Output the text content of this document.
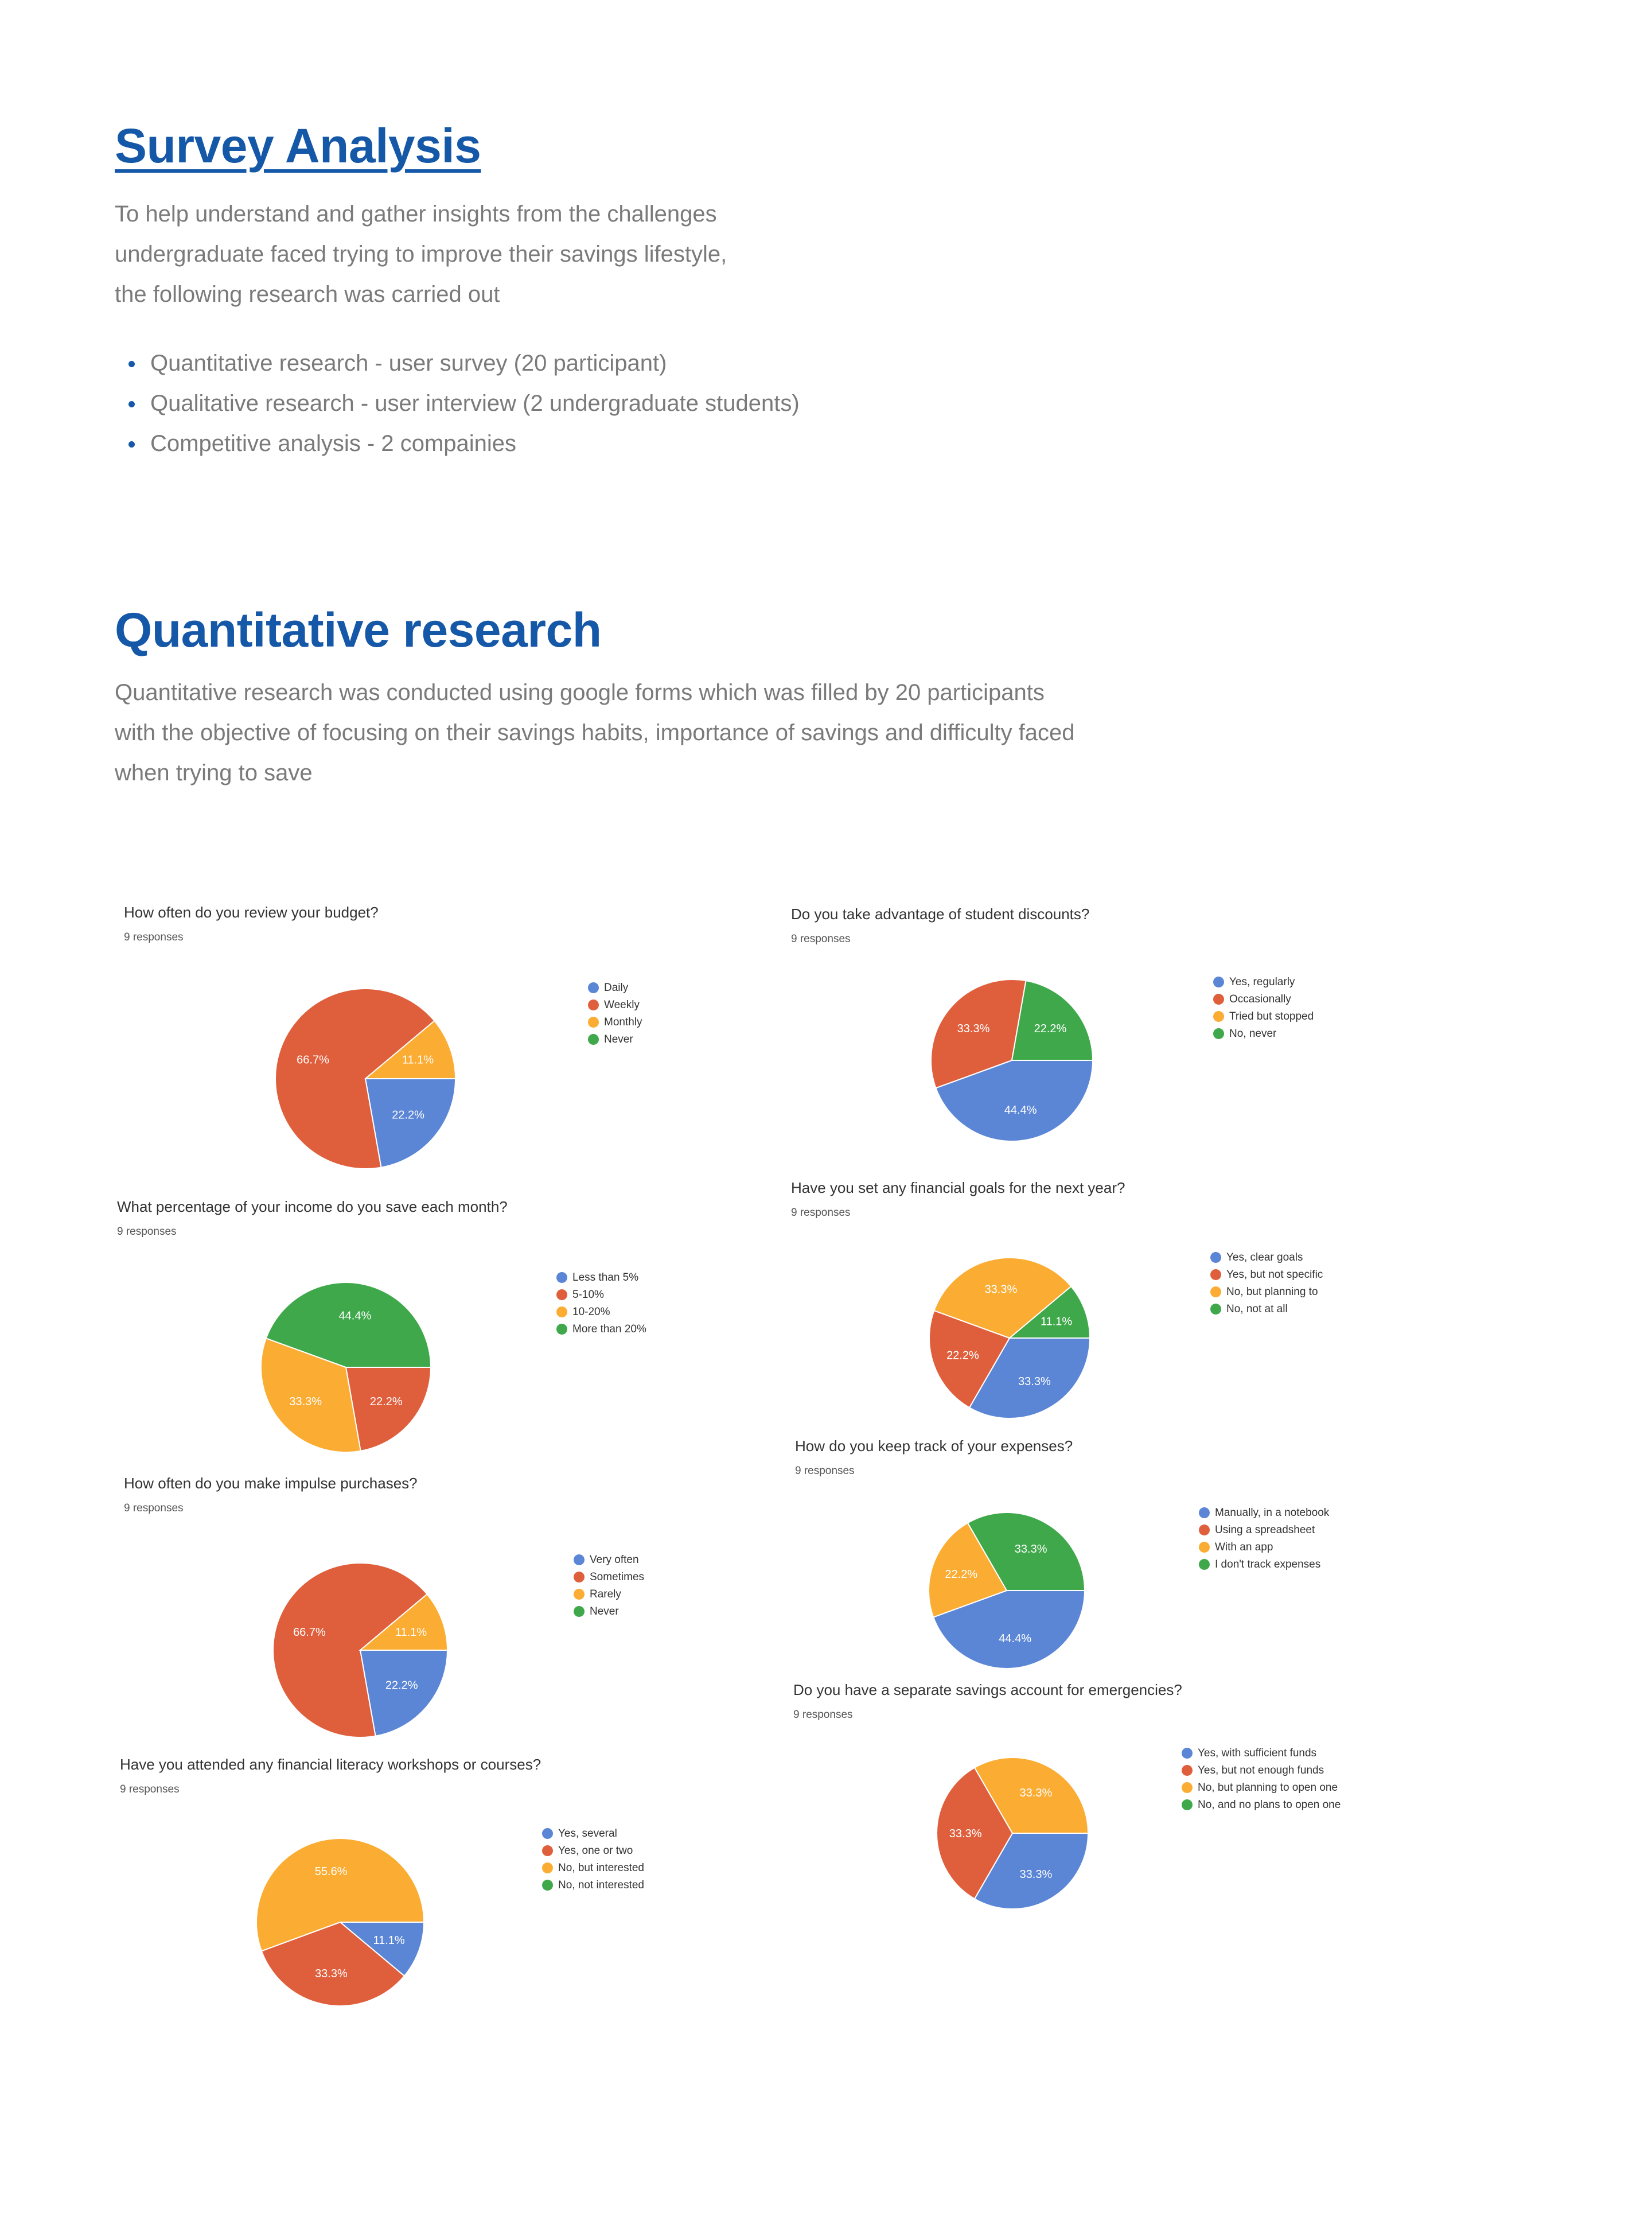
Survey Analysis

To help understand and gather insights from the challenges
undergraduate faced trying to improve their savings lifestyle,
the following research was carried out

Quantitative research - user survey (20 participant)
Qualitative research - user interview (2 undergraduate students)
Competitive analysis - 2 compainies
Quantitative research

Quantitative research was conducted using google forms which was filled by 20 participants
with the objective of focusing on their savings habits, importance of savings and difficulty faced
when trying to save

How often do you review your budget?
9 responses
22.2%
66.7%	11.1%
Daily
Weekly
Monthly
Never
Do you take advantage of student discounts?
9 responses
44.4%
33.3%	22.2%
Yes, regularly
Occasionally
Tried but stopped
No, never
What percentage of your income do you save each month?
9 responses
22.2%
33.3%
44.4%
Less than 5%
5-10%
10-20%
More than 20%
Have you set any financial goals for the next year?
9 responses
33.3%
22.2%
33.3%
11.1%
Yes, clear goals
Yes, but not specific
No, but planning to
No, not at all
How do you keep track of your expenses?
9 responses
44.4%
22.2%
33.3%
Manually, in a notebook
Using a spreadsheet
With an app
I don't track expenses
How often do you make impulse purchases?
9 responses
22.2%
66.7%	11.1%
Very often
Sometimes
Rarely
Never
Do you have a separate savings account for emergencies?
9 responses
33.3%
33.3%
33.3%
Yes, with sufficient funds
Yes, but not enough funds
No, but planning to open one
No, and no plans to open one
Have you attended any financial literacy workshops or courses?
9 responses
11.1%
33.3%
55.6%
Yes, several
Yes, one or two
No, but interested
No, not interested
